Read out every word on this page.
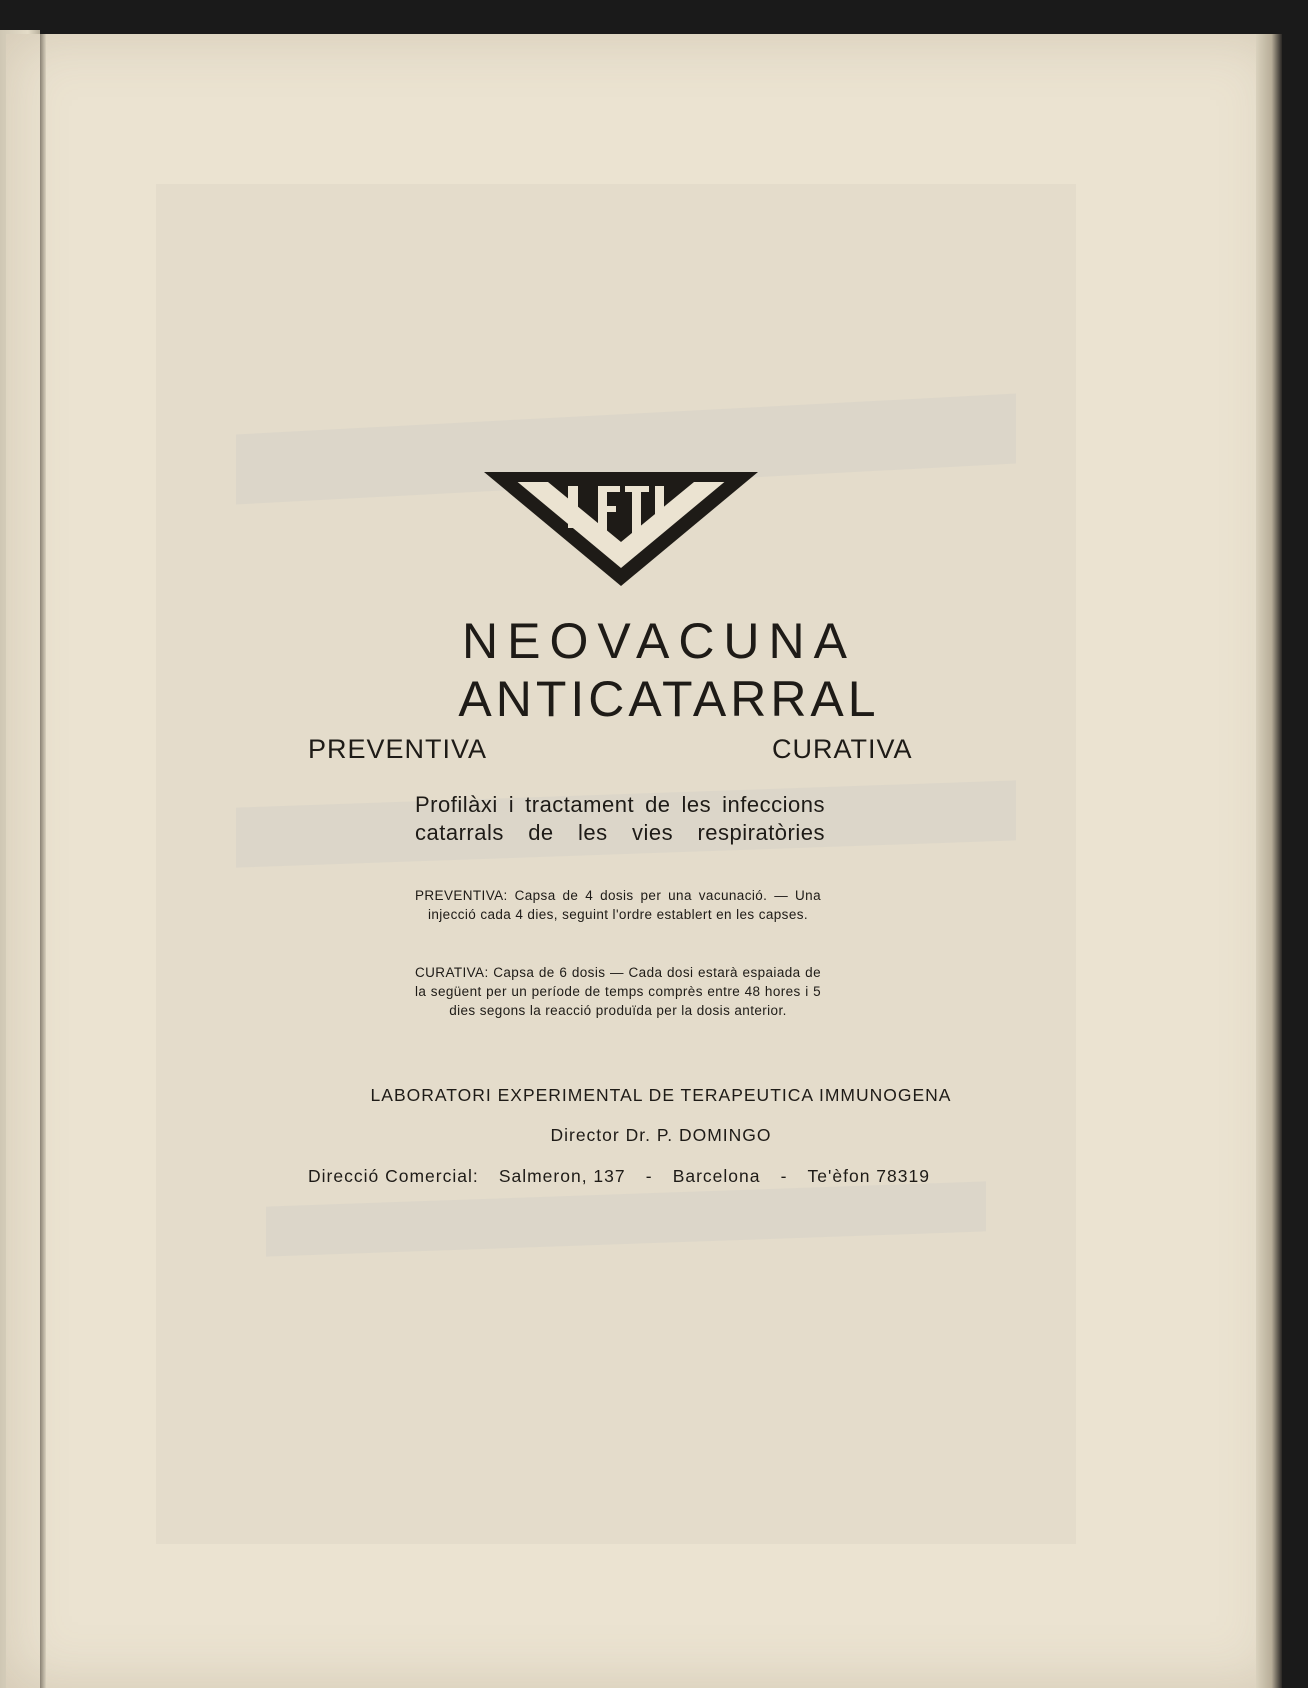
NEOVACUNA
ANTICATARRAL
PREVENTIVA	CURATIVA
Profilàxi i tractament de les infeccions
catarrals de les vies respiratòries
PREVENTIVA: Capsa de 4 dosis per una vacunació. — Una injecció cada 4 dies, seguint l'ordre establert en les capses.
CURATIVA: Capsa de 6 dosis — Cada dosi estarà espaiada de la següent per un període de temps comprès entre 48 hores i 5 dies segons la reacció produïda per la dosis anterior.
LABORATORI EXPERIMENTAL DE TERAPEUTICA IMMUNOGENA
Director Dr. P. DOMINGO
Direcció Comercial: Salmeron, 137 - Barcelona - Te'èfon 78319
